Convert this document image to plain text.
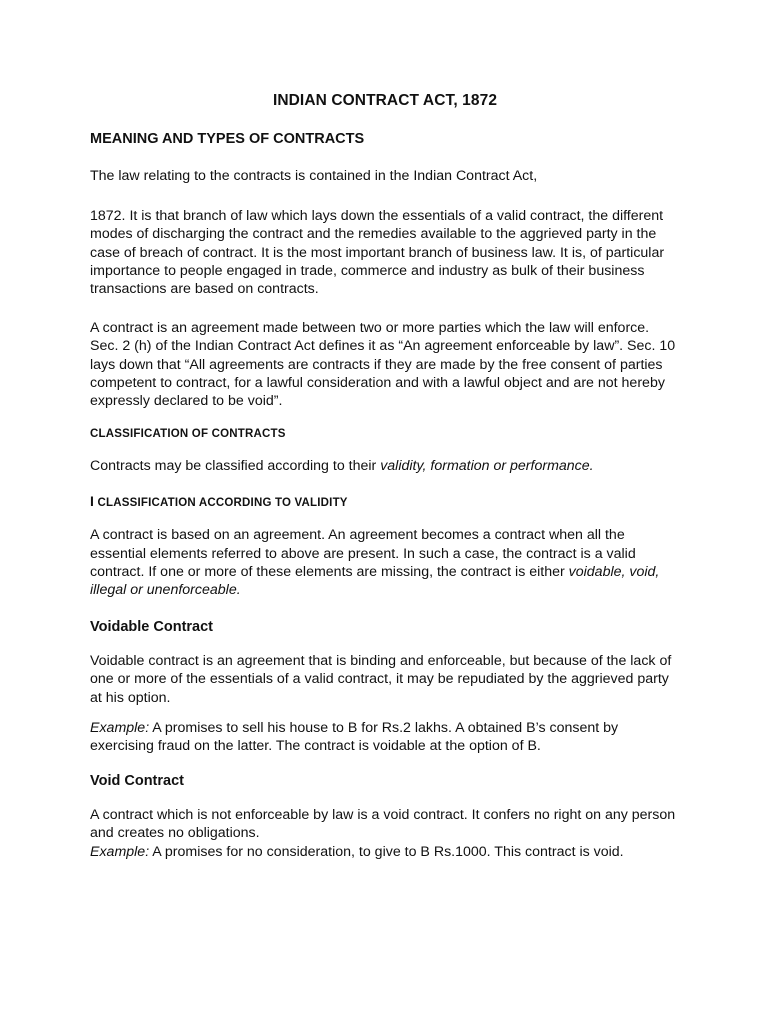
INDIAN CONTRACT ACT, 1872
MEANING AND TYPES OF CONTRACTS

The law relating to the contracts is contained in the Indian Contract Act,

1872. It is that branch of law which lays down the essentials of a valid contract, the different modes of discharging the contract and the remedies available to the aggrieved party in the case of breach of contract. It is the most important branch of business law. It is, of particular importance to people engaged in trade, commerce and industry as bulk of their business transactions are based on contracts.

A contract is an agreement made between two or more parties which the law will enforce. Sec. 2 (h) of the Indian Contract Act defines it as “An agreement enforceable by law”. Sec. 10 lays down that “All agreements are contracts if they are made by the free consent of parties competent to contract, for a lawful consideration and with a lawful object and are not hereby expressly declared to be void”.

CLASSIFICATION OF CONTRACTS

Contracts may be classified according to their validity, formation or performance.

I CLASSIFICATION ACCORDING TO VALIDITY

A contract is based on an agreement. An agreement becomes a contract when all the essential elements referred to above are present. In such a case, the contract is a valid contract. If one or more of these elements are missing, the contract is either voidable, void, illegal or unenforceable.

Voidable Contract

Voidable contract is an agreement that is binding and enforceable, but because of the lack of one or more of the essentials of a valid contract, it may be repudiated by the aggrieved party at his option.

Example: A promises to sell his house to B for Rs.2 lakhs. A obtained B’s consent by exercising fraud on the latter. The contract is voidable at the option of B.

Void Contract

A contract which is not enforceable by law is a void contract. It confers no right on any person and creates no obligations.

Example: A promises for no consideration, to give to B Rs.1000. This contract is void.
